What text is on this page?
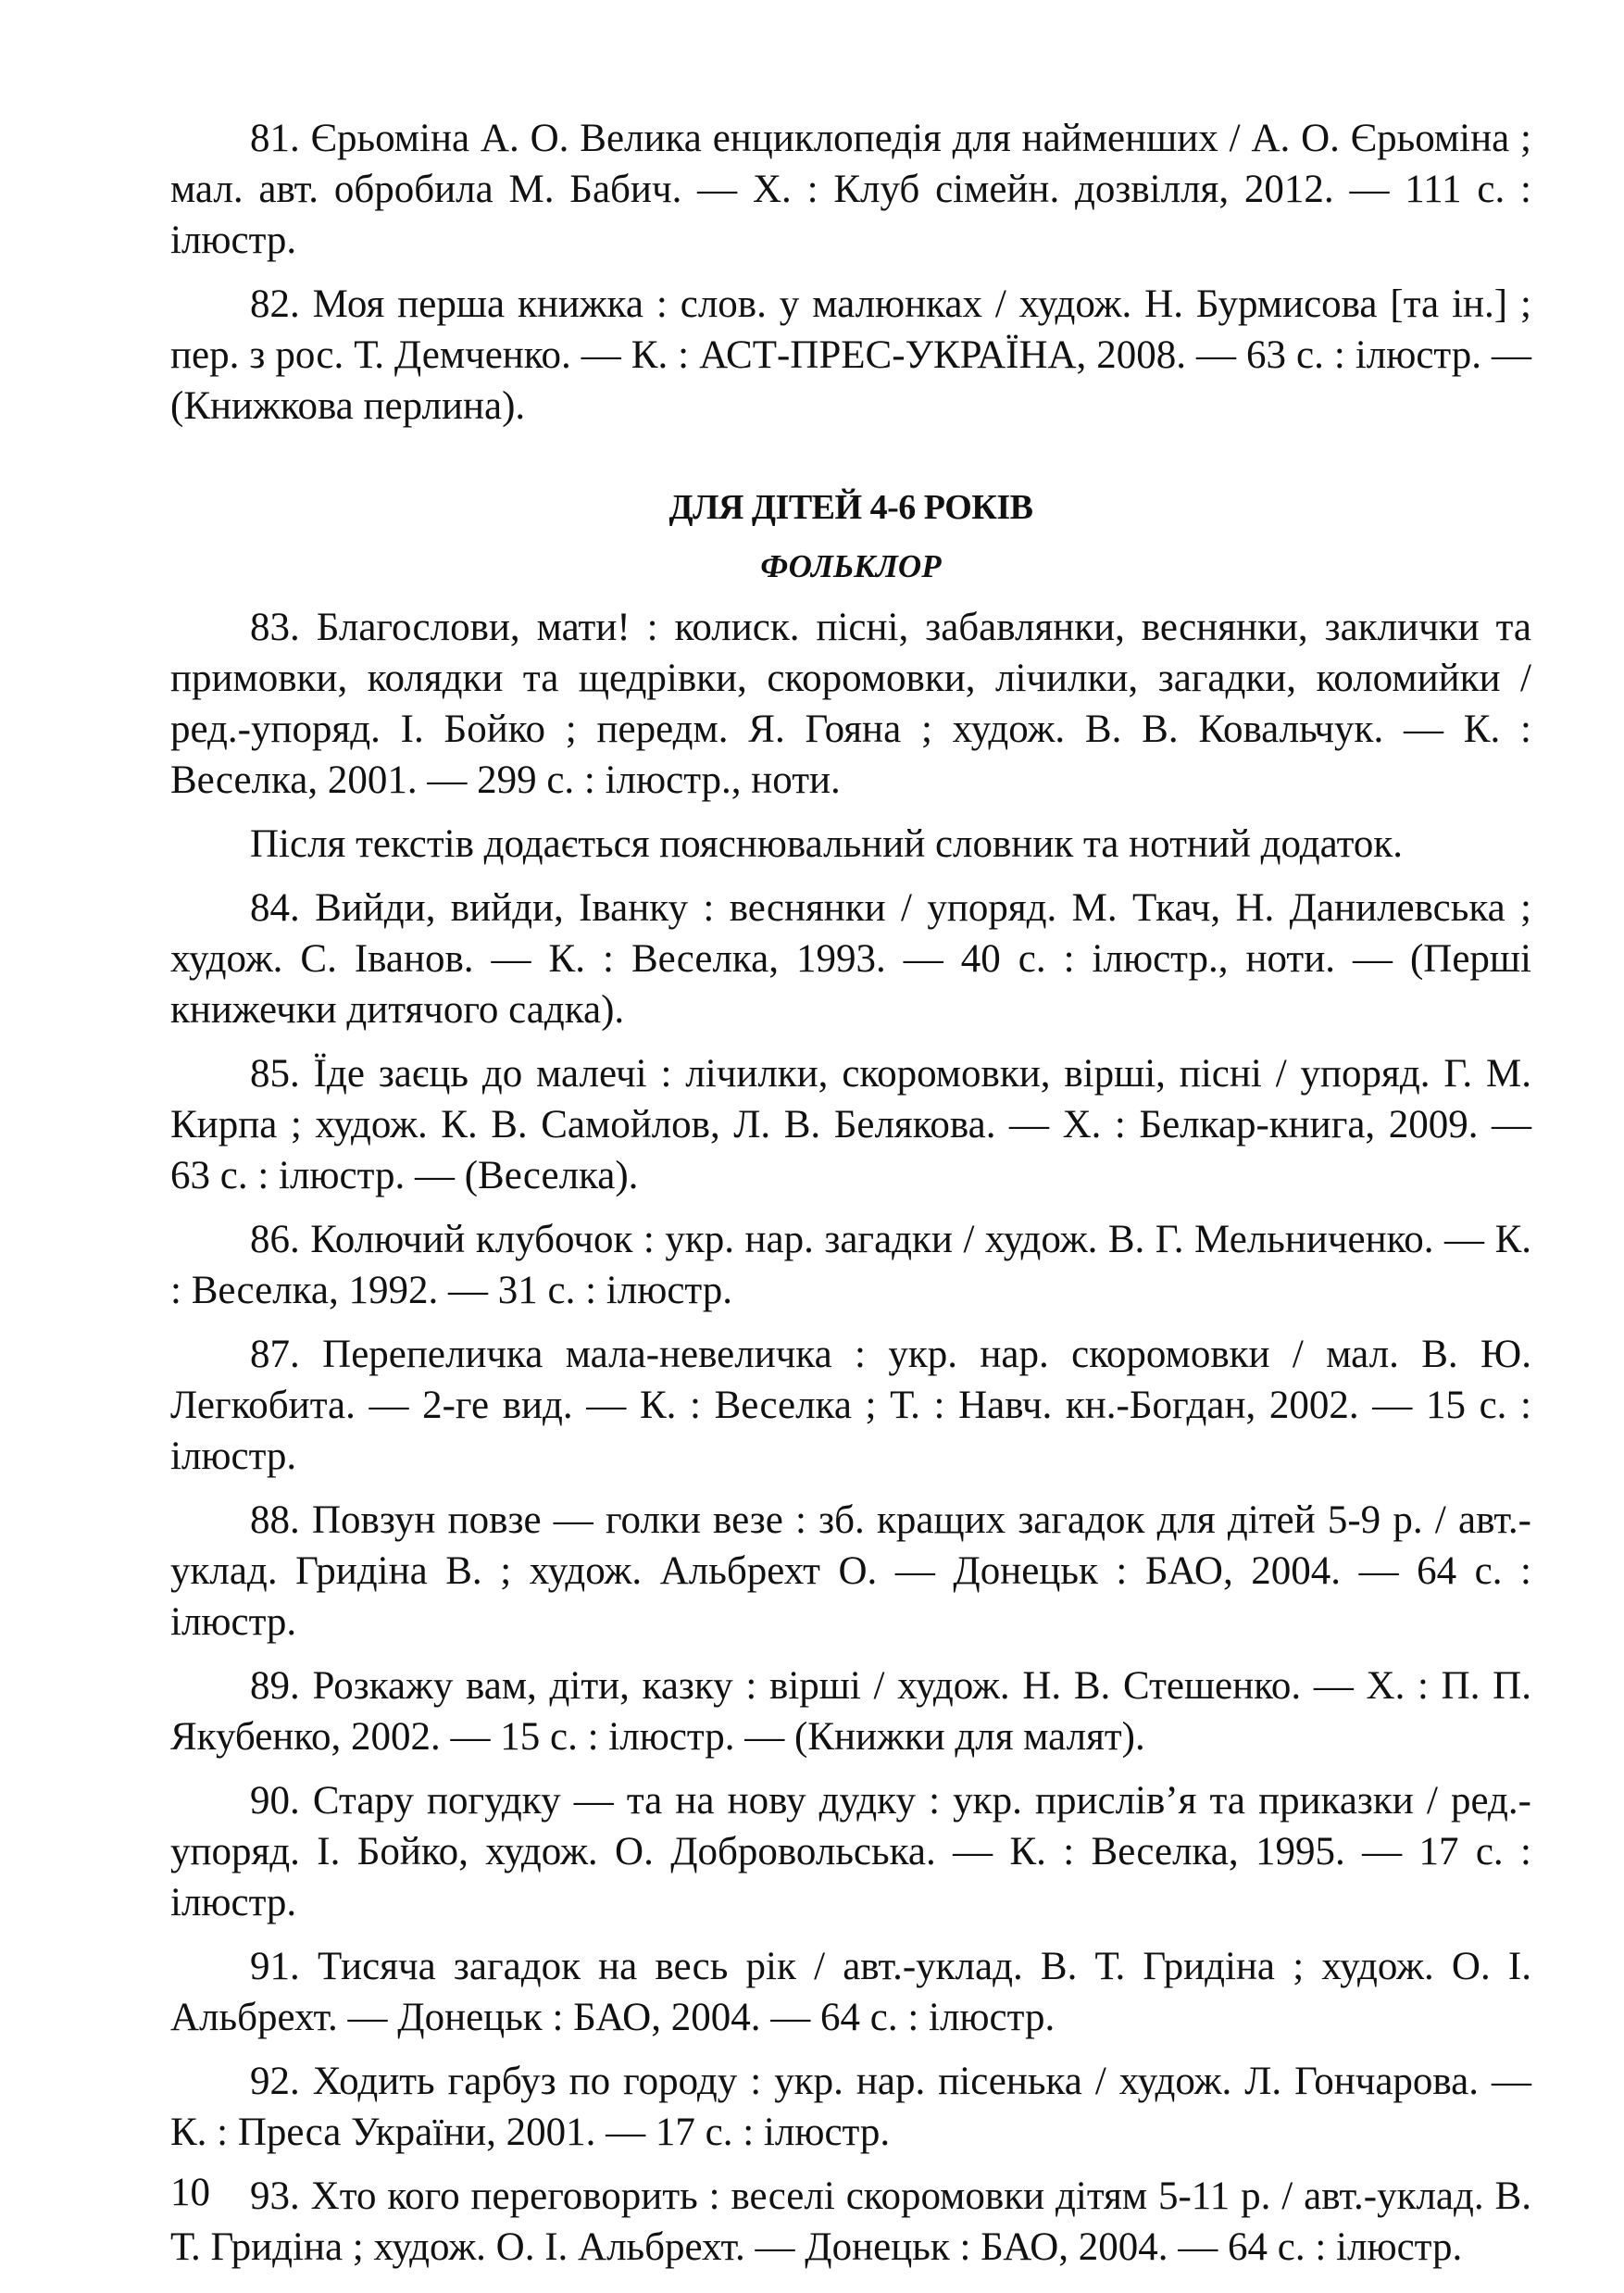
81. Єрьоміна А. О. Велика енциклопедія для найменших / А. О. Єрьоміна ; мал. авт. обробила М. Бабич. — Х. : Клуб сімейн. дозвілля, 2012. — 111 с. : ілюстр.

82. Моя перша книжка : слов. у малюнках / худож. Н. Бурмисова [та ін.] ; пер. з рос. Т. Демченко. — К. : АСТ-ПРЕС-УКРАЇНА, 2008. — 63 с. : ілюстр. — (Книжкова перлина).

ДЛЯ ДІТЕЙ 4-6 РОКІВ
ФОЛЬКЛОР

83. Благослови, мати! : колиск. пісні, забавлянки, веснянки, заклички та примовки, колядки та щедрівки, скоромовки, лічилки, загадки, коломийки / ред.-упоряд. І. Бойко ; передм. Я. Гояна ; худож. В. В. Ковальчук. — К. : Веселка, 2001. — 299 с. : ілюстр., ноти.

Після текстів додається пояснювальний словник та нотний додаток.

84. Вийди, вийди, Іванку : веснянки / упоряд. М. Ткач, Н. Данилевська ; худож. С. Іванов. — К. : Веселка, 1993. — 40 с. : ілюстр., ноти. — (Перші книжечки дитячого садка).

85. Їде заєць до малечі : лічилки, скоромовки, вірші, пісні / упоряд. Г. М. Кирпа ; худож. К. В. Самойлов, Л. В. Белякова. — Х. : Белкар-книга, 2009. — 63 с. : ілюстр. — (Веселка).

86. Колючий клубочок : укр. нар. загадки / худож. В. Г. Мельниченко. — К. : Веселка, 1992. — 31 с. : ілюстр.

87. Перепеличка мала-невеличка : укр. нар. скоромовки / мал. В. Ю. Легкобита. — 2-ге вид. — К. : Веселка ; Т. : Навч. кн.-Богдан, 2002. — 15 с. : ілюстр.

88. Повзун повзе — голки везе : зб. кращих загадок для дітей 5-9 р. / авт.-уклад. Гридіна В. ; худож. Альбрехт О. — Донецьк : БАО, 2004. — 64 с. : ілюстр.

89. Розкажу вам, діти, казку : вірші / худож. Н. В. Стешенко. — Х. : П. П. Якубенко, 2002. — 15 с. : ілюстр. — (Книжки для малят).

90. Стару погудку — та на нову дудку : укр. прислів’я та приказки / ред.-упоряд. І. Бойко, худож. О. Добровольська. — К. : Веселка, 1995. — 17 с. : ілюстр.

91. Тисяча загадок на весь рік / авт.-уклад. В. Т. Гридіна ; худож. О. І. Альбрехт. — Донецьк : БАО, 2004. — 64 с. : ілюстр.

92. Ходить гарбуз по городу : укр. нар. пісенька / худож. Л. Гончарова. — К. : Преса України, 2001. — 17 с. : ілюстр.

93. Хто кого переговорить : веселі скоромовки дітям 5-11 р. / авт.-уклад. В. Т. Гридіна ; худож. О. І. Альбрехт. — Донецьк : БАО, 2004. — 64 с. : ілюстр.

10
